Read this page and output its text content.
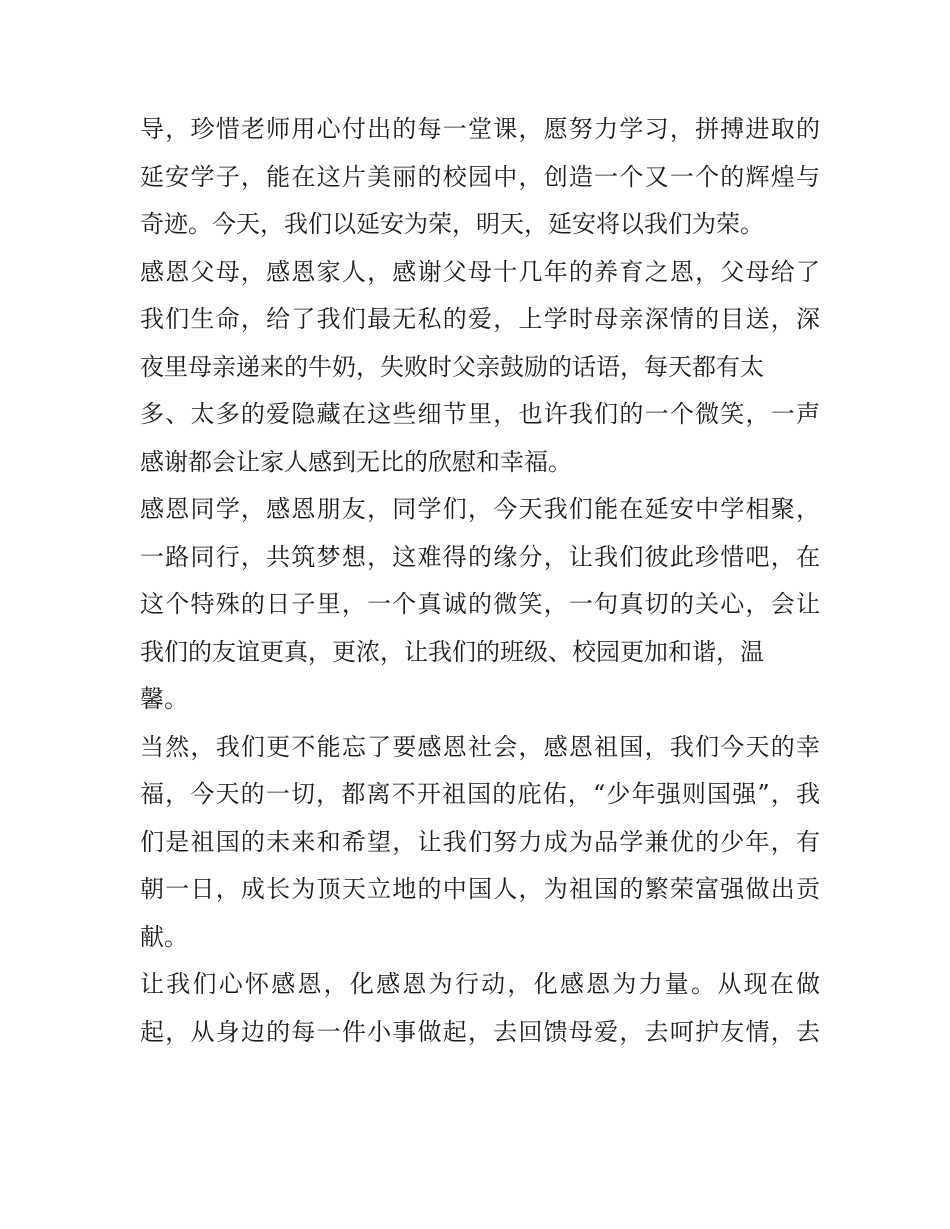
导，珍惜老师用心付出的每一堂课，愿努力学习，拼搏进取的
延安学子，能在这片美丽的校园中，创造一个又一个的辉煌与
奇迹。今天，我们以延安为荣，明天，延安将以我们为荣。
感恩父母，感恩家人，感谢父母十几年的养育之恩，父母给了
我们生命，给了我们最无私的爱，上学时母亲深情的目送，深
夜里母亲递来的牛奶，失败时父亲鼓励的话语，每天都有太
多、太多的爱隐藏在这些细节里，也许我们的一个微笑，一声
感谢都会让家人感到无比的欣慰和幸福。
感恩同学，感恩朋友，同学们，今天我们能在延安中学相聚，
一路同行，共筑梦想，这难得的缘分，让我们彼此珍惜吧，在
这个特殊的日子里，一个真诚的微笑，一句真切的关心，会让
我们的友谊更真，更浓，让我们的班级、校园更加和谐，温
馨。
当然，我们更不能忘了要感恩社会，感恩祖国，我们今天的幸
福，今天的一切，都离不开祖国的庇佑，“少年强则国强”，我
们是祖国的未来和希望，让我们努力成为品学兼优的少年，有
朝一日，成长为顶天立地的中国人，为祖国的繁荣富强做出贡
献。
让我们心怀感恩，化感恩为行动，化感恩为力量。从现在做
起，从身边的每一件小事做起，去回馈母爱，去呵护友情，去
